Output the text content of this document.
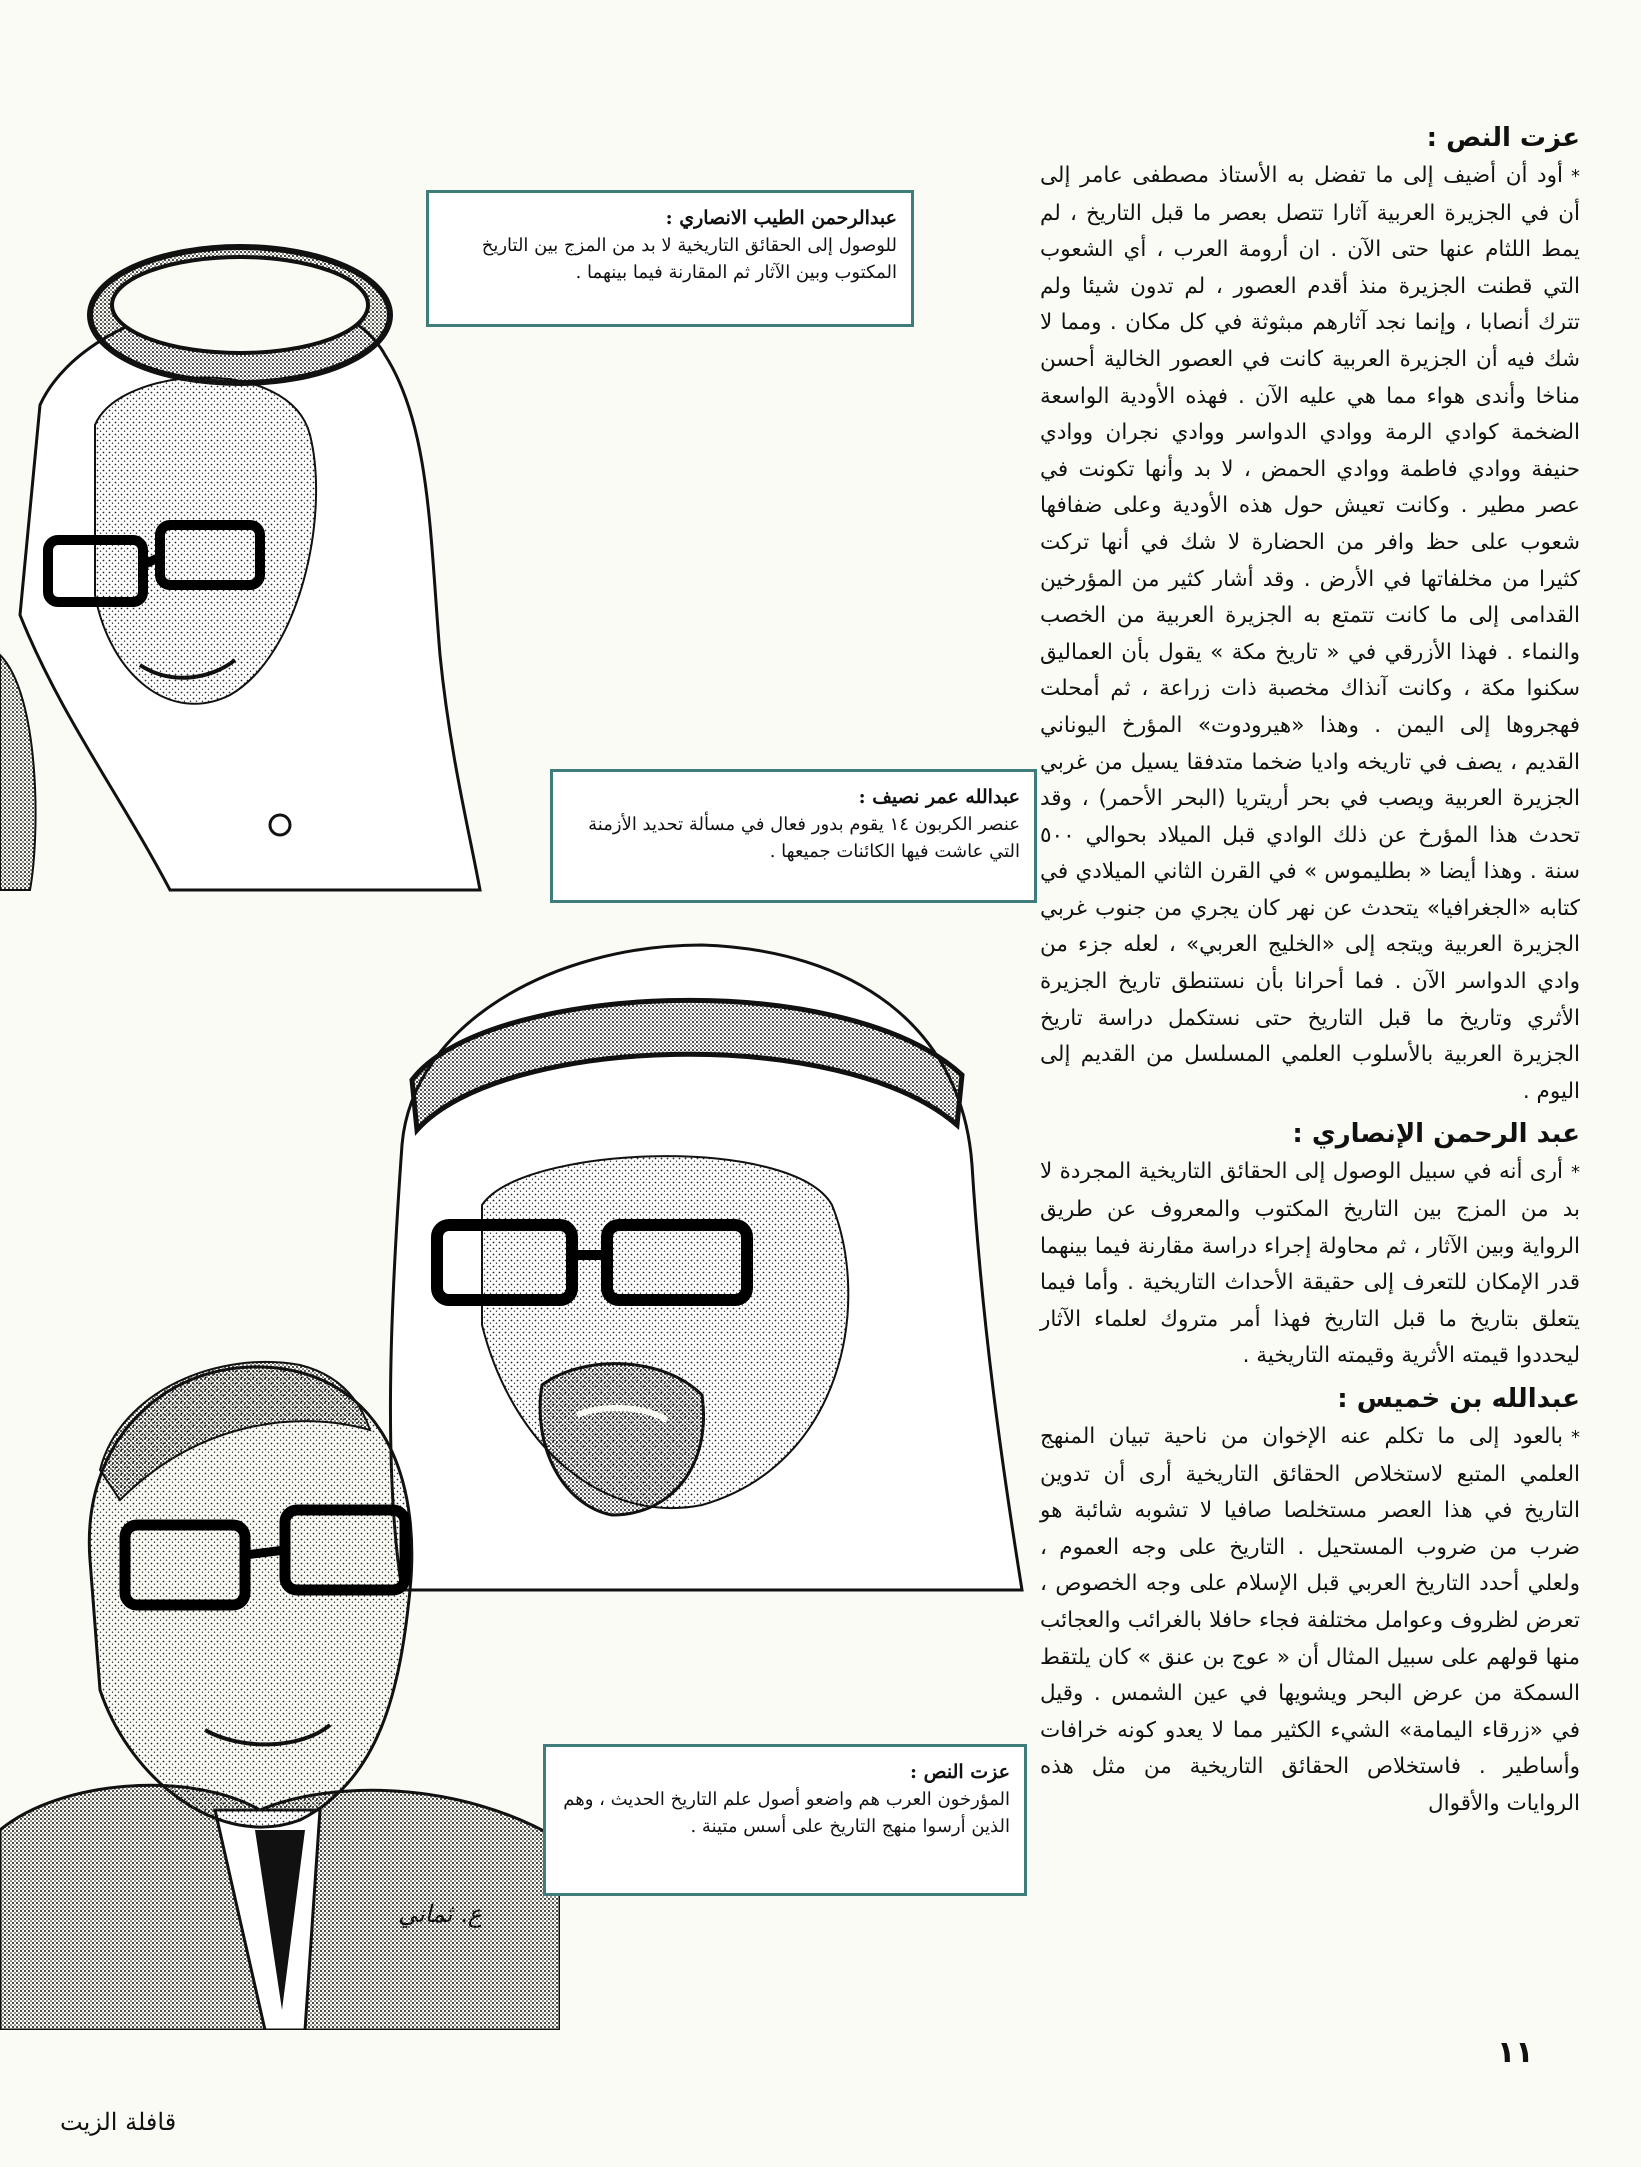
عبدالرحمن الطيب الانصاري :
للوصول إلى الحقائق التاريخية لا بد من المزج بين التاريخ المكتوب وبين الآثار ثم المقارنة فيما بينهما .
عبدالله عمر نصيف :
عنصر الكربون ١٤ يقوم بدور فعال في مسألة تحديد الأزمنة التي عاشت فيها الكائنات جميعها .
عزت النص :
المؤرخون العرب هم واضعو أصول علم التاريخ الحديث ، وهم الذين أرسوا منهج التاريخ على أسس متينة .
ع. ثماني
عزت النص :

*أود أن أضيف إلى ما تفضل به الأستاذ مصطفى عامر إلى أن في الجزيرة العربية آثارا تتصل بعصر ما قبل التاريخ ، لم يمط اللثام عنها حتى الآن . ان أرومة العرب ، أي الشعوب التي قطنت الجزيرة منذ أقدم العصور ، لم تدون شيئا ولم تترك أنصابا ، وإنما نجد آثارهم مبثوثة في كل مكان . ومما لا شك فيه أن الجزيرة العربية كانت في العصور الخالية أحسن مناخا وأندى هواء مما هي عليه الآن . فهذه الأودية الواسعة الضخمة كوادي الرمة ووادي الدواسر ووادي نجران ووادي حنيفة ووادي فاطمة ووادي الحمض ، لا بد وأنها تكونت في عصر مطير . وكانت تعيش حول هذه الأودية وعلى ضفافها شعوب على حظ وافر من الحضارة لا شك في أنها تركت كثيرا من مخلفاتها في الأرض . وقد أشار كثير من المؤرخين القدامى إلى ما كانت تتمتع به الجزيرة العربية من الخصب والنماء . فهذا الأزرقي في « تاريخ مكة » يقول بأن العماليق سكنوا مكة ، وكانت آنذاك مخصبة ذات زراعة ، ثم أمحلت فهجروها إلى اليمن . وهذا «هيرودوت» المؤرخ اليوناني القديم ، يصف في تاريخه واديا ضخما متدفقا يسيل من غربي الجزيرة العربية ويصب في بحر أريتريا (البحر الأحمر) ، وقد تحدث هذا المؤرخ عن ذلك الوادي قبل الميلاد بحوالي ٥٠٠ سنة . وهذا أيضا « بطليموس » في القرن الثاني الميلادي في كتابه «الجغرافيا» يتحدث عن نهر كان يجري من جنوب غربي الجزيرة العربية ويتجه إلى «الخليج العربي» ، لعله جزء من وادي الدواسر الآن . فما أحرانا بأن نستنطق تاريخ الجزيرة الأثري وتاريخ ما قبل التاريخ حتى نستكمل دراسة تاريخ الجزيرة العربية بالأسلوب العلمي المسلسل من القديم إلى اليوم .

عبد الرحمن الإنصاري :

*أرى أنه في سبيل الوصول إلى الحقائق التاريخية المجردة لا بد من المزج بين التاريخ المكتوب والمعروف عن طريق الرواية وبين الآثار ، ثم محاولة إجراء دراسة مقارنة فيما بينهما قدر الإمكان للتعرف إلى حقيقة الأحداث التاريخية . وأما فيما يتعلق بتاريخ ما قبل التاريخ فهذا أمر متروك لعلماء الآثار ليحددوا قيمته الأثرية وقيمته التاريخية .

عبدالله بن خميس :

*بالعود إلى ما تكلم عنه الإخوان من ناحية تبيان المنهج العلمي المتبع لاستخلاص الحقائق التاريخية أرى أن تدوين التاريخ في هذا العصر مستخلصا صافيا لا تشوبه شائبة هو ضرب من ضروب المستحيل . التاريخ على وجه العموم ، ولعلي أحدد التاريخ العربي قبل الإسلام على وجه الخصوص ، تعرض لظروف وعوامل مختلفة فجاء حافلا بالغرائب والعجائب منها قولهم على سبيل المثال أن « عوج بن عنق » كان يلتقط السمكة من عرض البحر ويشويها في عين الشمس . وقيل في «زرقاء اليمامة» الشيء الكثير مما لا يعدو كونه خرافات وأساطير . فاستخلاص الحقائق التاريخية من مثل هذه الروايات والأقوال

١١
قافلة الزيت
